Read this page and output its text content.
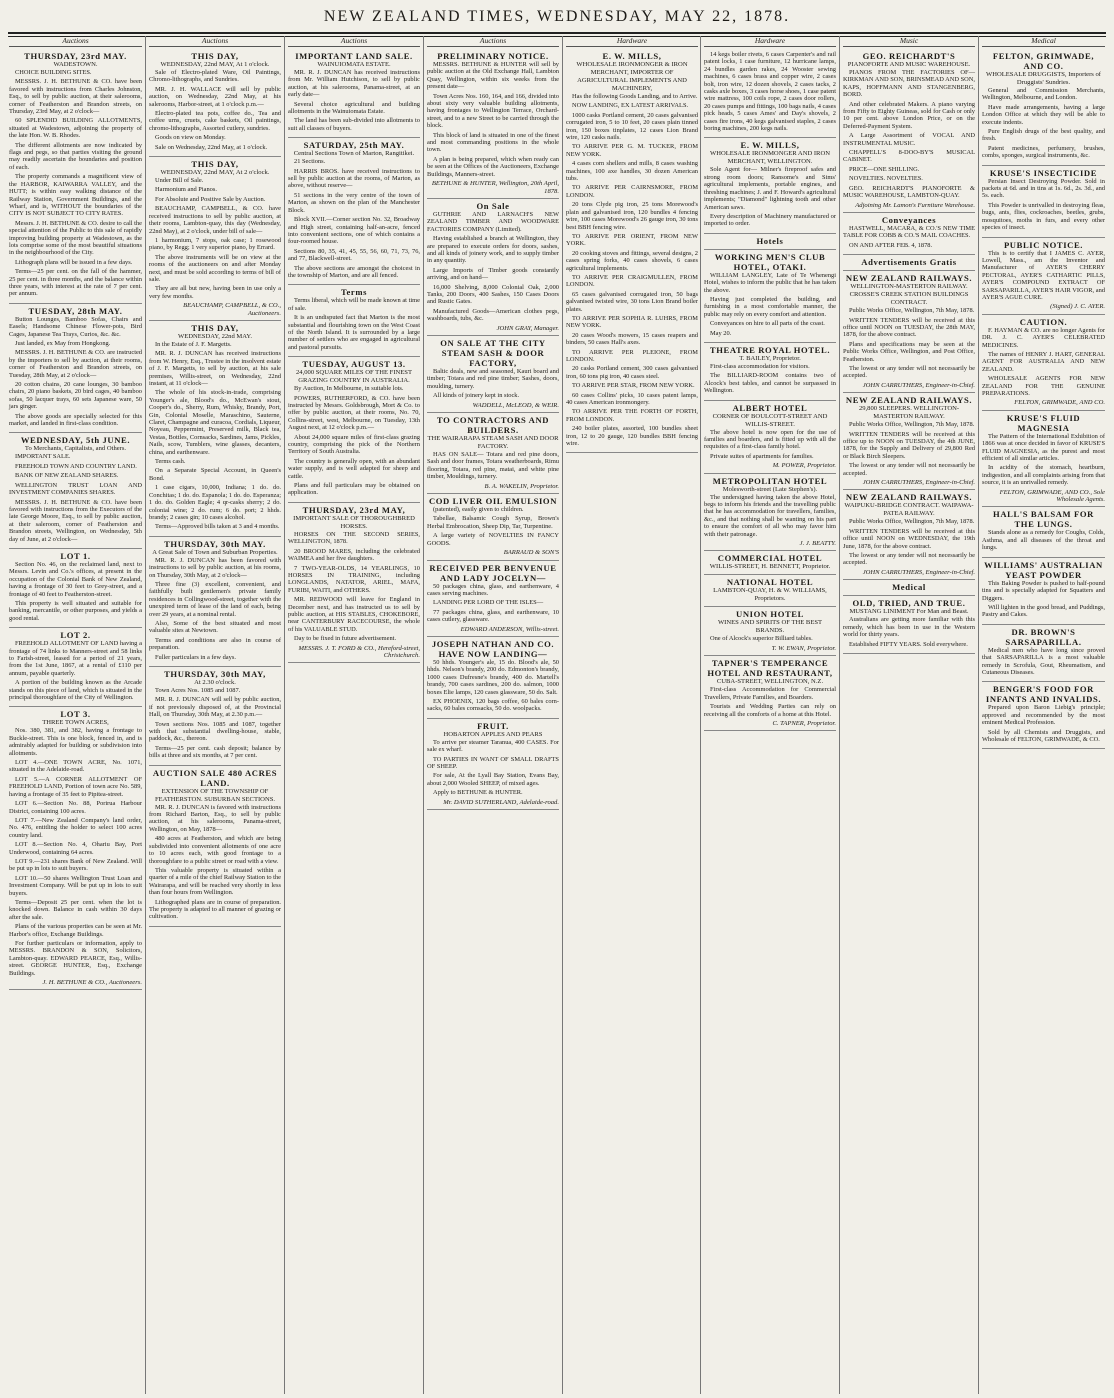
NEW ZEALAND TIMES, WEDNESDAY, MAY 22, 1878.
Auctions
THURSDAY, 23rd MAY.
WADESTOWN.

CHOICE BUILDING SITES.

MESSRS. J. H. BETHUNE & CO. have been favored with instructions from Charles Johnston, Esq., to sell by public auction, at their salerooms, corner of Featherston and Brandon streets, on Thursday, 23rd May, at 2 o'clock—

60 SPLENDID BUILDING ALLOTMENTS, situated at Wadestown, adjoining the property of the late Hon. W. B. Rhodes.

The different allotments are now indicated by flags and pegs, so that parties visiting the ground may readily ascertain the boundaries and position of each.

The property commands a magnificent view of the HARBOR, KAIWARRA VALLEY, and the HUTT; is within easy walking distance of the Railway Station, Government Buildings, and the Wharf, and is, WITHOUT the boundaries of the CITY IS NOT SUBJECT TO CITY RATES.

Messrs. J. H. BETHUNE & CO. desire to call the special attention of the Public to this sale of rapidly improving building property at Wadestown, as the lots comprise some of the most beautiful situations in the neighbourhood of the City.

Lithograph plans will be issued in a few days.

Terms—25 per cent. on the fall of the hammer, 25 per cent. in three months, and the balance within three years, with interest at the rate of 7 per cent. per annum.

TUESDAY, 28th MAY.

Button Lounges, Bamboo Sofas, Chairs and Easels; Handsome Chinese Flower-pots, Bird Cages, Japanese Tea Trays, Curios, &c. &c.

Just landed, ex May from Hongkong.

MESSRS. J. H. BETHUNE & CO. are instructed by the importers to sell by auction, at their rooms, corner of Featherston and Brandon streets, on Tuesday, 28th May, at 2 o'clock—

20 cotton chains, 20 cane lounges, 30 bamboo chairs, 20 piano baskets, 20 bird cages, 40 bamboo sofas, 50 lacquer trays, 60 sets Japanese ware, 50 jars ginger.

The above goods are specially selected for this market, and landed in first-class condition.

WEDNESDAY, 5th JUNE.
To Merchants, Capitalists, and Others.

IMPORTANT SALE.

FREEHOLD TOWN AND COUNTRY LAND.

BANK OF NEW ZEALAND SHARES.

WELLINGTON TRUST LOAN AND INVESTMENT COMPANIES SHARES.

MESSRS. J. H. BETHUNE & CO. have been favored with instructions from the Executors of the late George Moore, Esq., to sell by public auction, at their saleroom, corner of Featherston and Brandon streets, Wellington, on Wednesday, 5th day of June, at 2 o'clock—

LOT 1.

Section No. 46, on the reclaimed land, next to Messrs. Levin and Co.'s offices, at present in the occupation of the Colonial Bank of New Zealand, having a frontage of 30 feet to Grey-street, and a frontage of 40 feet to Featherston-street.

This property is well situated and suitable for banking, mercantile, or other purposes, and yields a good rental.

LOT 2.

FREEHOLD ALLOTMENT OF LAND having a frontage of 74 links to Manners-street and 58 links to Farish-street, leased for a period of 21 years, from the 1st June, 1867, at a rental of £110 per annum, payable quarterly.

A portion of the building known as the Arcade stands on this piece of land, which is situated in the principal thoroughfare of the City of Wellington.

LOT 3.
THREE TOWN ACRES,

Nos. 380, 381, and 382, having a frontage to Buckle-street. This is one block, fenced in, and is admirably adapted for building or subdivision into allotments.

LOT 4.—ONE TOWN ACRE, No. 1071, situated in the Adelaide-road.

LOT 5.—A CORNER ALLOTMENT OF FREEHOLD LAND, Portion of town acre No. 589, having a frontage of 35 feet to Pipitea-street.

LOT 6.—Section No. 88, Porirua Harbour District, containing 100 acres.

LOT 7.—New Zealand Company's land order, No. 476, entitling the holder to select 100 acres country land.

LOT 8.—Section No. 4, Ohariu Bay, Port Underwood, containing 64 acres.

LOT 9.—231 shares Bank of New Zealand. Will be put up in lots to suit buyers.

LOT 10.—50 shares Wellington Trust Loan and Investment Company. Will be put up in lots to suit buyers.

Terms—Deposit 25 per cent. when the lot is knocked down. Balance in cash within 30 days after the sale.

Plans of the various properties can be seen at Mr. Harbor's office, Exchange Buildings.

For further particulars or information, apply to MESSRS. BRANDON & SON, Solicitors, Lambton-quay. EDWARD PEARCE, Esq., Willis-street. GEORGE HUNTER, Esq., Exchange Buildings.

J. H. BETHUNE & CO., Auctioneers.
Auctions
THIS DAY,
WEDNESDAY, 22nd MAY, At 1 o'clock.

Sale of Electro-plated Ware, Oil Paintings, Chromo-lithographs, and Sundries.

MR. J. H. WALLACE will sell by public auction, on Wednesday, 22nd May, at his salerooms, Harbor-street, at 1 o'clock p.m.—

Electro-plated tea pots, coffee do., Tea and coffee urns, cruets, cake baskets, Oil paintings, chromo-lithographs, Assorted cutlery, sundries.

Goods on view on Monday.

Sale on Wednesday, 22nd May, at 1 o'clock.

THIS DAY,
WEDNESDAY, 22nd MAY, At 2 o'clock.

Under Bill of Sale.

Harmonium and Pianos.

For Absolute and Positive Sale by Auction.

BEAUCHAMP, CAMPBELL, & CO. have received instructions to sell by public auction, at their rooms, Lambton-quay, this day (Wednesday, 22nd May), at 2 o'clock, under bill of sale—

1 harmonium, 7 stops, oak case; 1 rosewood piano, by Regg; 1 very superior piano, by Errard.

The above instruments will be on view at the rooms of the auctioneers on and after Monday next, and must be sold according to terms of bill of sale.

They are all but new, having been in use only a very few months.

BEAUCHAMP, CAMPBELL, & CO., Auctioneers.
THIS DAY,
WEDNESDAY, 22nd MAY.

In the Estate of J. F. Margetts.

MR. R. J. DUNCAN has received instructions from W. Henry, Esq., Trustee in the insolvent estate of J. F. Margetts, to sell by auction, at his sale premises, Willis-street, on Wednesday, 22nd instant, at 11 o'clock—

The whole of his stock-in-trade, comprising Younger's ale, Blood's do., McEwan's stout, Cooper's do., Sherry, Rum, Whisky, Brandy, Port, Gin, Colonial Moselle, Maraschino, Sauterne, Claret, Champagne and curacoa, Cordials, Liqueur, Noyeau, Peppermint, Preserved milk, Black tea, Vestas, Bottles, Cornsacks, Sardines, Jams, Pickles, Nails, scow, Tumblers, wine glasses, decanters, china, and earthenware.

Terms cash.

On a Separate Special Account, in Queen's Bond.

1 case cigars, 10,000, Indiana; 1 do. do. Conchitas; 1 do. do. Espanola; 1 do. do. Esperanza; 1 do. do. Golden Eagle; 4 qr-casks sherry; 2 do. colonial wine; 2 do. rum; 6 do. port; 2 hhds. brandy; 2 cases gin; 10 cases alcohol.

Terms—Approved bills taken at 3 and 4 months.

THURSDAY, 30th MAY.
A Great Sale of Town and Suburban Properties.

MR. R. J. DUNCAN has been favored with instructions to sell by public auction, at his rooms, on Thursday, 30th May, at 2 o'clock—

Three fine (3) excellent, convenient, and faithfully built gentlemen's private family residences in Collingwood-street, together with the unexpired term of lease of the land of each, being over 29 years, at a nominal rental.

Also, Some of the best situated and most valuable sites at Newtown.

Terms and conditions are also in course of preparation.

Fuller particulars in a few days.

THURSDAY, 30th MAY,
At 2.30 o'clock.

Town Acres Nos. 1085 and 1087.

MR. R. J. DUNCAN will sell by public auction, if not previously disposed of, at the Provincial Hall, on Thursday, 30th May, at 2.30 p.m.—

Town sections Nos. 1085 and 1087, together with that substantial dwelling-house, stable, paddock, &c., thereon.

Terms—25 per cent. cash deposit; balance by bills at three and six months, at 7 per cent.

AUCTION SALE 480 ACRES LAND.
EXTENSION OF THE TOWNSHIP OF FEATHERSTON. SUBURBAN SECTIONS.

MR. R. J. DUNCAN is favored with instructions from Richard Barton, Esq., to sell by public auction, at his salerooms, Panama-street, Wellington, on May, 1878—

480 acres at Featherston, and which are being subdivided into convenient allotments of one acre to 10 acres each, with good frontage to a thoroughfare to a public street or road with a view.

This valuable property is situated within a quarter of a mile of the chief Railway Station to the Wairarapa, and will be reached very shortly in less than four hours from Wellington.

Lithographed plans are in course of preparation. The property is adapted to all manner of grazing or cultivation.

Auctions
IMPORTANT LAND SALE.
WAINUIOMATA ESTATE.

MR. R. J. DUNCAN has received instructions from Mr. William Hutchison, to sell by public auction, at his salerooms, Panama-street, at an early date—

Several choice agricultural and building allotments in the Wainuiomata Estate.

The land has been sub-divided into allotments to suit all classes of buyers.

SATURDAY, 25th MAY.
Central Sections Town of Marton, Rangitikei.

21 Sections.

HARRIS BROS. have received instructions to sell by public auction at the rooms, of Marton, as above, without reserve—

51 sections in the very centre of the town of Marton, as shown on the plan of the Manchester Block.

Block XVII.—Corner section No. 32, Broadway and High street, containing half-an-acre, fenced into convenient sections, one of which contains a four-roomed house.

Sections 80, 35, 41, 45, 55, 56, 60, 71, 73, 76, and 77, Blackwell-street.

The above sections are amongst the choicest in the township of Marton, and are all fenced.

Terms

Terms liberal, which will be made known at time of sale.

It is an undisputed fact that Marton is the most substantial and flourishing town on the West Coast of the North Island. It is surrounded by a large number of settlers who are engaged in agricultural and pastoral pursuits.

TUESDAY, AUGUST 13.
24,000 SQUARE MILES OF THE FINEST GRAZING COUNTRY IN AUSTRALIA.

By Auction, In Melbourne, in suitable lots.

POWERS, RUTHERFORD, & CO. have been instructed by Messrs. Goldsbrough, Mort & Co. to offer by public auction, at their rooms, No. 70, Collins-street, west, Melbourne, on Tuesday, 13th August next, at 12 o'clock p.m.—

About 24,000 square miles of first-class grazing country, comprising the pick of the Northern Territory of South Australia.

The country is generally open, with an abundant water supply, and is well adapted for sheep and cattle.

Plans and full particulars may be obtained on application.

THURSDAY, 23rd MAY,
IMPORTANT SALE OF THOROUGHBRED HORSES.

HORSES ON THE SECOND SERIES, WELLINGTON, 1878.

20 BROOD MARES, including the celebrated WAIMEA and her five daughters.

7 TWO-YEAR-OLDS, 14 YEARLINGS, 10 HORSES IN TRAINING, including LONGLANDS, NATATOR, ARIEL, MAFA, FURIBI, WAITI, and OTHERS.

MR. REDWOOD will leave for England in December next, and has instructed us to sell by public auction, at HIS STABLES, CHOKEBORE, near CANTERBURY RACECOURSE, the whole of his VALUABLE STUD.

Day to be fixed in future advertisement.

MESSRS. J. T. FORD & CO., Hereford-street, Christchurch.
Auctions
PRELIMINARY NOTICE.

MESSRS. BETHUNE & HUNTER will sell by public auction at the Old Exchange Hall, Lambton Quay, Wellington, within six weeks from the present date—

Town Acres Nos. 160, 164, and 166, divided into about sixty very valuable building allotments, having frontages to Wellington Terrace, Orchard-street, and to a new Street to be carried through the block.

This block of land is situated in one of the finest and most commanding positions in the whole town.

A plan is being prepared, which when ready can be seen at the Offices of the Auctioneers, Exchange Buildings, Manners-street.

BETHUNE & HUNTER, Wellington, 20th April, 1878.
On Sale

GUTHRIE AND LARNACH'S NEW ZEALAND TIMBER AND WOODWARE FACTORIES COMPANY (Limited).

Having established a branch at Wellington, they are prepared to execute orders for doors, sashes, and all kinds of joinery work, and to supply timber in any quantity.

Large Imports of Timber goods constantly arriving, and on hand—

16,000 Shelving, 8,000 Colonial Oak, 2,000 Tanks, 200 Doors, 400 Sashes, 150 Cases Doors and Rustic Gates.

Manufactured Goods—American clothes pegs, washboards, tubs, &c.

JOHN GRAY, Manager.
ON SALE AT THE CITY STEAM SASH & DOOR FACTORY,

Baltic deals, new and seasoned, Kauri board and timber; Totara and red pine timber; Sashes, doors, moulding, turnery.

All kinds of joinery kept in stock.

WADDELL, McLEOD, & WEIR.
TO CONTRACTORS AND BUILDERS.
THE WAIRARAPA STEAM SASH AND DOOR FACTORY.

HAS ON SALE— Totara and red pine doors, Sash and door frames, Totara weatherboards, Rimu flooring, Totara, red pine, matai, and white pine timber, Mouldings, turnery.

B. A. WAKELIN, Proprietor.
COD LIVER OIL EMULSION

(patented), easily given to children.

Tabellae, Balsamic Cough Syrup, Brown's Herbal Embrocation, Sheep Dip, Tar, Turpentine.

A large variety of NOVELTIES IN FANCY GOODS.

BARRAUD & SON'S
RECEIVED PER BENVENUE AND LADY JOCELYN—

50 packages china, glass, and earthenware, 4 cases serving machines.

LANDING PER LORD OF THE ISLES—

77 packages china, glass, and earthenware, 10 cases cutlery, glassware.

EDWARD ANDERSON, Willis-street.
JOSEPH NATHAN AND CO. HAVE NOW LANDING—

50 hhds. Younger's ale, 15 do. Blood's ale, 50 hhds. Nelson's brandy, 200 do. Edmonton's brandy, 1000 cases Dufresne's brandy, 400 do. Martell's brandy, 700 cases sardines, 200 do. salmon, 1000 boxes Elie lamps, 120 cases glassware, 50 do. Salt.

EX PHOENIX, 120 bags coffee, 60 bales corn-sacks, 60 bales cornsacks, 50 do. woolpacks.

FRUIT.
HOBARTON APPLES AND PEARS

To arrive per steamer Taranua, 400 CASES. For sale ex wharf.

TO PARTIES IN WANT OF SMALL DRAFTS OF SHEEP.

For sale, At the Lyall Bay Station, Evans Bay, about 2,000 Wooled SHEEP, of mixed ages.

Apply to BETHUNE & HUNTER.

Mr. DAVID SUTHERLAND, Adelaide-road.
Hardware
E. W. MILLS,
WHOLESALE IRONMONGER & IRON MERCHANT, IMPORTER OF AGRICULTURAL IMPLEMENTS AND MACHINERY,

Has the following Goods Landing, and to Arrive.

NOW LANDING, EX LATEST ARRIVALS.

1000 casks Portland cement, 20 cases galvanised corrugated iron, 5 to 10 feet, 20 cases plain tinned iron, 150 boxes tinplates, 12 cases Lion Brand wire, 120 casks nails.

TO ARRIVE PER G. M. TUCKER, FROM NEW YORK.

4 cases corn shellers and mills, 8 cases washing machines, 100 axe handles, 30 dozen American tubs.

TO ARRIVE PER CAIRNSMORE, FROM LONDON.

20 tons Clyde pig iron, 25 tons Morewood's plain and galvanised iron, 120 bundles 4 fencing wire, 100 cases Morewood's 26 gauge iron, 30 tons best BBH fencing wire.

TO ARRIVE PER ORIENT, FROM NEW YORK.

20 cooking stoves and fittings, several designs, 2 cases spring forks, 40 cases shovels, 6 cases agricultural implements.

TO ARRIVE PER CRAIGMULLEN, FROM LONDON.

65 cases galvanised corrugated iron, 50 bags galvanised twisted wire, 30 tons Lion Brand boiler plates.

TO ARRIVE PER SOPHIA R. LUHRS, FROM NEW YORK.

20 cases Wood's mowers, 15 cases reapers and binders, 50 cases Hall's axes.

TO ARRIVE PER PLEIONE, FROM LONDON.

20 casks Portland cement, 300 cases galvanised iron, 60 tons pig iron, 40 cases steel.

TO ARRIVE PER STAR, FROM NEW YORK.

60 cases Collins' picks, 10 cases patent lamps, 40 cases American ironmongery.

TO ARRIVE PER THE FORTH OF FORTH, FROM LONDON.

240 boiler plates, assorted, 100 bundles sheet iron, 12 to 20 gauge, 120 bundles BBH fencing wire.

Hardware

14 kegs boiler rivets, 6 cases Carpenter's and rail patent locks, 1 case furniture, 12 hurricane lamps, 24 bundles garden rakes, 24 Wooster sewing machines, 6 cases brass and copper wire, 2 cases bolt, iron wire, 12 dozen shovels, 2 cases tacks, 2 casks axle boxes, 3 cases horse shoes, 1 case patent wire mattress, 100 coils rope, 2 cases door rollers, 20 cases pumps and fittings, 100 bags nails, 4 cases pick heads, 5 cases Ames' and Day's shovels, 2 cases fire irons, 40 kegs galvanised staples, 2 cases boring machines, 200 kegs nails.

E. W. MILLS,
WHOLESALE IRONMONGER AND IRON MERCHANT, WELLINGTON.

Sole Agent for— Milner's fireproof safes and strong room doors; Ransome's and Sims' agricultural implements, portable engines, and threshing machines; J. and F. Howard's agricultural implements; "Diamond" lightning tooth and other American saws.

Every description of Machinery manufactured or imported to order.

Hotels
WORKING MEN'S CLUB HOTEL, OTAKI.

WILLIAM LANGLEY, Late of Te Whenengi Hotel, wishes to inform the public that he has taken the above.

Having just completed the building, and furnishing in a most comfortable manner, the public may rely on every comfort and attention.

Conveyances on hire to all parts of the coast.

May 20.

THEATRE ROYAL HOTEL.
T. BAILEY, Proprietor.

First-class accommodation for visitors.

The BILLIARD-ROOM contains two of Alcock's best tables, and cannot be surpassed in Wellington.

ALBERT HOTEL
CORNER OF BOULCOTT-STREET AND WILLIS-STREET.

The above hotel is now open for the use of families and boarders, and is fitted up with all the requisites of a first-class family hotel.

Private suites of apartments for families.

M. POWER, Proprietor.
METROPOLITAN HOTEL
Molesworth-street (Late Stephen's).

The undersigned having taken the above Hotel, begs to inform his friends and the travelling public that he has accommodation for travellers, families, &c., and that nothing shall be wanting on his part to ensure the comfort of all who may favor him with their patronage.

J. J. BEATTY.
COMMERCIAL HOTEL
WILLIS-STREET, H. BENNETT, Proprietor.
NATIONAL HOTEL
LAMBTON-QUAY, H. & W. WILLIAMS, Proprietors.
UNION HOTEL
WINES AND SPIRITS OF THE BEST BRANDS.

One of Alcock's superior Billiard tables.

T. W. EWAN, Proprietor.
TAPNER'S TEMPERANCE HOTEL AND RESTAURANT,
CUBA-STREET, WELLINGTON, N.Z.

First-class Accommodation for Commercial Travellers, Private Families, and Boarders.

Tourists and Wedding Parties can rely on receiving all the comforts of a home at this Hotel.

C. TAPNER, Proprietor.
Music
GEO. REICHARDT'S
PIANOFORTE AND MUSIC WAREHOUSE.

PIANOS FROM THE FACTORIES OF— KIRKMAN AND SON, BRINSMEAD AND SON, KAPS, HOFFMANN AND STANGENBERG, BORD.

And other celebrated Makers. A piano varying from Fifty to Eighty Guineas, sold for Cash or only 10 per cent. above London Price, or on the Deferred-Payment System.

A Large Assortment of VOCAL AND INSTRUMENTAL MUSIC.

CHAPPELL'S 8-DOO-BY'S MUSICAL CABINET.

PRICE—ONE SHILLING.

NOVELTIES. NOVELTIES.

GEO. REICHARDT'S PIANOFORTE & MUSIC WAREHOUSE, LAMBTON-QUAY.

Adjoining Mr. Lamon's Furniture Warehouse.
Conveyances

HASTWELL, MACARA, & CO.'S NEW TIME TABLE FOR COBB & CO.'S MAIL COACHES.

ON AND AFTER FEB. 4, 1878.

Advertisements Gratis
NEW ZEALAND RAILWAYS.
WELLINGTON-MASTERTON RAILWAY. CROSSE'S CREEK STATION BUILDINGS CONTRACT.

Public Works Office, Wellington, 7th May, 1878.

WRITTEN TENDERS will be received at this office until NOON on TUESDAY, the 28th MAY, 1878, for the above contract.

Plans and specifications may be seen at the Public Works Office, Wellington, and Post Office, Featherston.

The lowest or any tender will not necessarily be accepted.

JOHN CARRUTHERS, Engineer-in-Chief.
NEW ZEALAND RAILWAYS.
29,800 SLEEPERS. WELLINGTON-MASTERTON RAILWAY.

Public Works Office, Wellington, 7th May, 1878.

WRITTEN TENDERS will be received at this office up to NOON on TUESDAY, the 4th JUNE, 1878, for the Supply and Delivery of 29,800 Red or Black Birch Sleepers.

The lowest or any tender will not necessarily be accepted.

JOHN CARRUTHERS, Engineer-in-Chief.
NEW ZEALAND RAILWAYS.
WAIPUKU-BRIDGE CONTRACT. WAIPAWA-PATEA RAILWAY.

Public Works Office, Wellington, 7th May, 1878.

WRITTEN TENDERS will be received at this office until NOON on WEDNESDAY, the 19th June, 1878, for the above contract.

The lowest or any tender will not necessarily be accepted.

JOHN CARRUTHERS, Engineer-in-Chief.
Medical
OLD, TRIED, AND TRUE.
MUSTANG LINIMENT For Man and Beast.

Australians are getting more familiar with this remedy, which has been in use in the Western world for thirty years.

Established FIFTY YEARS. Sold everywhere.

Medical
FELTON, GRIMWADE, AND CO.
WHOLESALE DRUGGISTS, Importers of Druggists' Sundries.

General and Commission Merchants, Wellington, Melbourne, and London.

Have made arrangements, having a large London Office at which they will be able to execute indents.

Pure English drugs of the best quality, and fresh.

Patent medicines, perfumery, brushes, combs, sponges, surgical instruments, &c.

KRUSE'S INSECTICIDE

Persian Insect Destroying Powder. Sold in packets at 6d. and in tins at 1s. 6d., 2s. 3d., and 5s. each.

This Powder is unrivalled in destroying fleas, bugs, ants, flies, cockroaches, beetles, grubs, mosquitoes, moths in furs, and every other species of insect.

PUBLIC NOTICE.

This is to certify that I JAMES C. AYER, Lowell, Mass., am the Inventor and Manufacturer of AYER'S CHERRY PECTORAL, AYER'S CATHARTIC PILLS, AYER'S COMPOUND EXTRACT OF SARSAPARILLA, AYER'S HAIR VIGOR, and AYER'S AGUE CURE.

(Signed) J. C. AYER.
CAUTION.

F. HAYMAN & CO. are no longer Agents for DR. J. C. AYER'S CELEBRATED MEDICINES.

The names of HENRY J. HART, GENERAL AGENT FOR AUSTRALIA AND NEW ZEALAND.

WHOLESALE AGENTS FOR NEW ZEALAND FOR THE GENUINE PREPARATIONS.

FELTON, GRIMWADE, AND CO.
KRUSE'S FLUID MAGNESIA

The Pattern of the International Exhibition of 1866 was at once decided in favor of KRUSE'S FLUID MAGNESIA, as the purest and most efficient of all similar articles.

In acidity of the stomach, heartburn, indigestion, and all complaints arising from that source, it is an unrivalled remedy.

FELTON, GRIMWADE, AND CO., Sole Wholesale Agents.
HALL'S BALSAM FOR THE LUNGS.

Stands alone as a remedy for Coughs, Colds, Asthma, and all diseases of the throat and lungs.

WILLIAMS' AUSTRALIAN YEAST POWDER

This Baking Powder is pushed to half-pound tins and is specially adapted for Squatters and Diggers.

Will lighten in the good bread, and Puddings, Pastry and Cakes.

DR. BROWN'S SARSAPARILLA.

Medical men who have long since proved that SARSAPARILLA is a most valuable remedy in Scrofula, Gout, Rheumatism, and Cutaneous Diseases.

BENGER'S FOOD FOR INFANTS AND INVALIDS.

Prepared upon Baron Liebig's principle; approved and recommended by the most eminent Medical Profession.

Sold by all Chemists and Druggists, and Wholesale of FELTON, GRIMWADE, & CO.
